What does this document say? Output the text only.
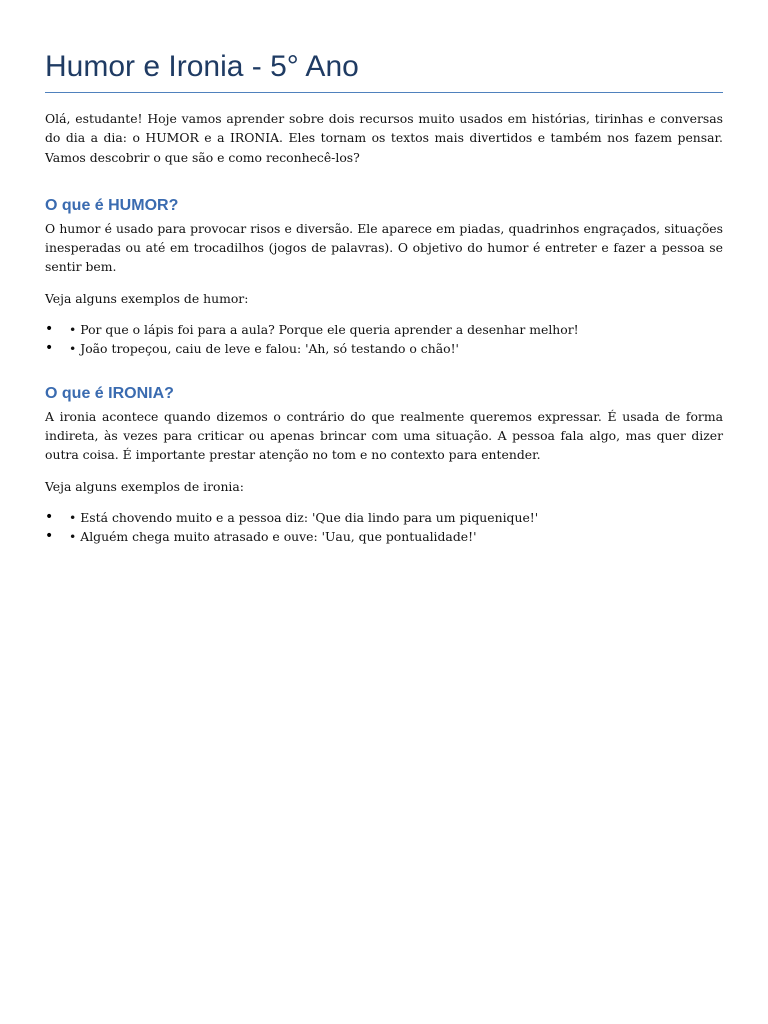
Humor e Ironia - 5° Ano

Olá, estudante! Hoje vamos aprender sobre dois recursos muito usados em histórias, tirinhas e conversas do dia a dia: o HUMOR e a IRONIA. Eles tornam os textos mais divertidos e também nos fazem pensar. Vamos descobrir o que são e como reconhecê-los?

O que é HUMOR?

O humor é usado para provocar risos e diversão. Ele aparece em piadas, quadrinhos engraçados, situações inesperadas ou até em trocadilhos (jogos de palavras). O objetivo do humor é entreter e fazer a pessoa se sentir bem.

Veja alguns exemplos de humor:

• • Por que o lápis foi para a aula? Porque ele queria aprender a desenhar melhor!
• • João tropeçou, caiu de leve e falou: 'Ah, só testando o chão!'
O que é IRONIA?

A ironia acontece quando dizemos o contrário do que realmente queremos expressar. É usada de forma indireta, às vezes para criticar ou apenas brincar com uma situação. A pessoa fala algo, mas quer dizer outra coisa. É importante prestar atenção no tom e no contexto para entender.

Veja alguns exemplos de ironia:

• • Está chovendo muito e a pessoa diz: 'Que dia lindo para um piquenique!'
• • Alguém chega muito atrasado e ouve: 'Uau, que pontualidade!'
